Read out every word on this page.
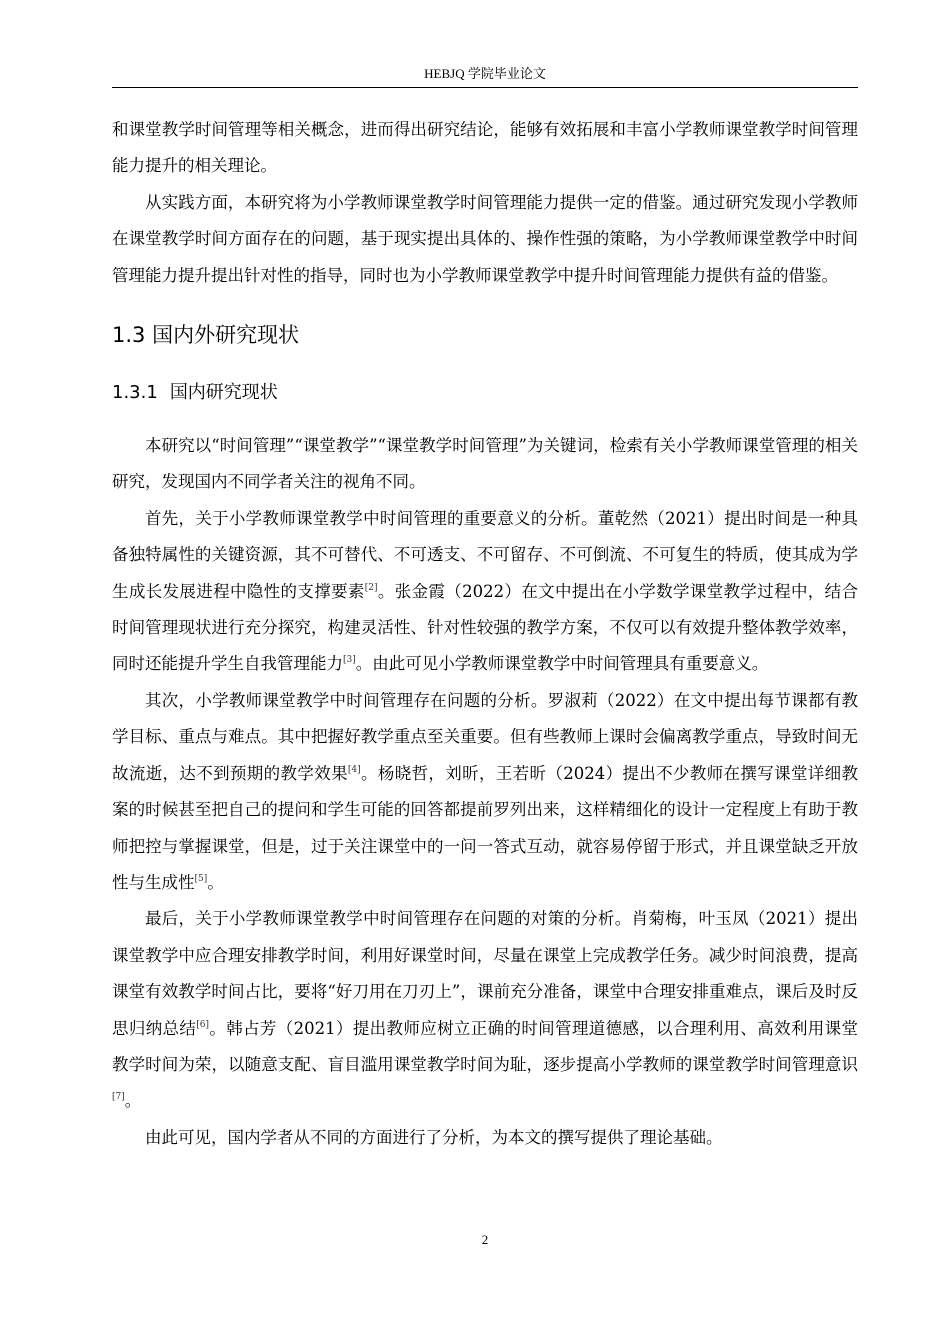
HEBJQ 学院毕业论文

和课堂教学时间管理等相关概念，进而得出研究结论，能够有效拓展和丰富小学教师课堂教学时间管理能力提升的相关理论。

从实践方面，本研究将为小学教师课堂教学时间管理能力提供一定的借鉴。通过研究发现小学教师在课堂教学时间方面存在的问题，基于现实提出具体的、操作性强的策略，为小学教师课堂教学中时间管理能力提升提出针对性的指导，同时也为小学教师课堂教学中提升时间管理能力提供有益的借鉴。

1.3 国内外研究现状
1.3.1 国内研究现状

本研究以“时间管理”“课堂教学”“课堂教学时间管理”为关键词，检索有关小学教师课堂管理的相关研究，发现国内不同学者关注的视角不同。

首先，关于小学教师课堂教学中时间管理的重要意义的分析。董乾然（2021）提出时间是一种具备独特属性的关键资源，其不可替代、不可透支、不可留存、不可倒流、不可复生的特质，使其成为学生成长发展进程中隐性的支撑要素[2]。张金霞（2022）在文中提出在小学数学课堂教学过程中，结合时间管理现状进行充分探究，构建灵活性、针对性较强的教学方案，不仅可以有效提升整体教学效率，同时还能提升学生自我管理能力[3]。由此可见小学教师课堂教学中时间管理具有重要意义。

其次，小学教师课堂教学中时间管理存在问题的分析。罗淑莉（2022）在文中提出每节课都有教学目标、重点与难点。其中把握好教学重点至关重要。但有些教师上课时会偏离教学重点，导致时间无故流逝，达不到预期的教学效果[4]。杨晓哲，刘昕，王若昕（2024）提出不少教师在撰写课堂详细教案的时候甚至把自己的提问和学生可能的回答都提前罗列出来，这样精细化的设计一定程度上有助于教师把控与掌握课堂，但是，过于关注课堂中的一问一答式互动，就容易停留于形式，并且课堂缺乏开放性与生成性[5]。

最后，关于小学教师课堂教学中时间管理存在问题的对策的分析。肖菊梅，叶玉凤（2021）提出课堂教学中应合理安排教学时间，利用好课堂时间，尽量在课堂上完成教学任务。减少时间浪费，提高课堂有效教学时间占比，要将“好刀用在刀刃上”，课前充分准备，课堂中合理安排重难点，课后及时反思归纳总结[6]。韩占芳（2021）提出教师应树立正确的时间管理道德感，以合理利用、高效利用课堂教学时间为荣，以随意支配、盲目滥用课堂教学时间为耻，逐步提高小学教师的课堂教学时间管理意识[7]。

由此可见，国内学者从不同的方面进行了分析，为本文的撰写提供了理论基础。

2
